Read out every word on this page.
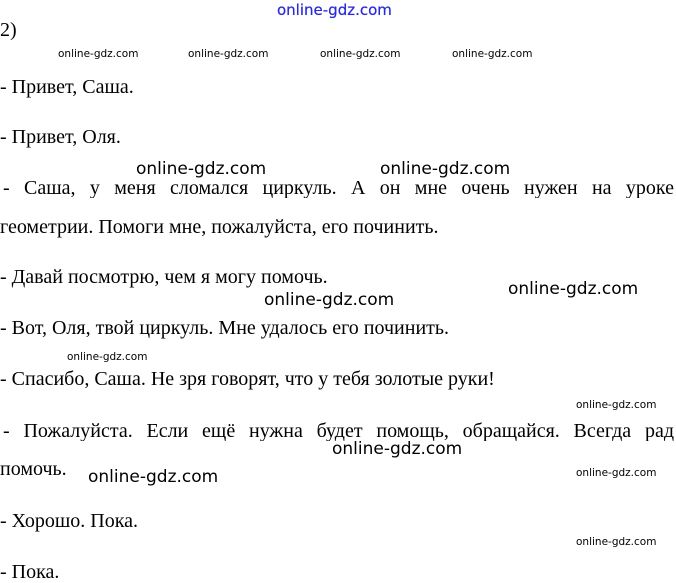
online-gdz.com
2)
online-gdz.com	online-gdz.com	online-gdz.com	online-gdz.com
- Привет, Саша.
- Привет, Оля.
online-gdz.com	online-gdz.com
- Саша, у меня сломался циркуль. А он мне очень нужен на уроке
геометрии. Помоги мне, пожалуйста, его починить.
- Давай посмотрю, чем я могу помочь.
online-gdz.com
online-gdz.com
- Вот, Оля, твой циркуль. Мне удалось его починить.
online-gdz.com
- Спасибо, Саша. Не зря говорят, что у тебя золотые руки!
online-gdz.com
- Пожалуйста. Если ещё нужна будет помощь, обращайся. Всегда рад
online-gdz.com
помочь. online-gdz.com	online-gdz.com
- Хорошо. Пока.
online-gdz.com
- Пока.
